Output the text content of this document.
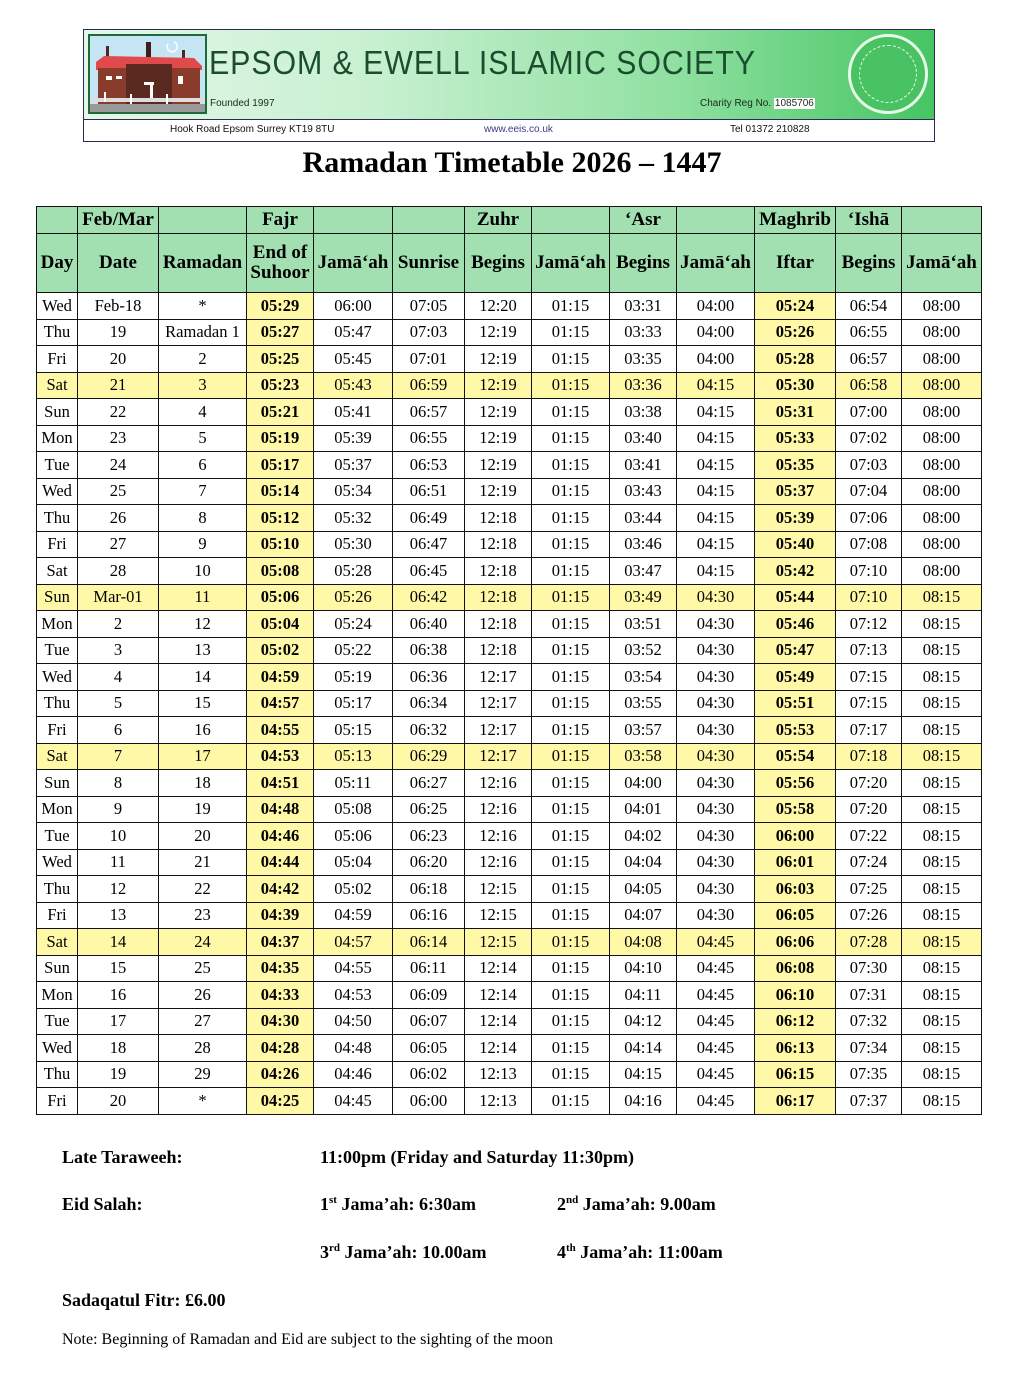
EPSOM & EWELL ISLAMIC SOCIETY
Founded 1997	Charity Reg No. 1085706
Hook Road Epsom Surrey KT19 8TU	www.eeis.co.uk	Tel 01372 210828
Ramadan Timetable 2026 – 1447
	Feb/Mar		Fajr			Zuhr		‘Asr		Maghrib	‘Ishā	
Day	Date	Ramadan	End of
Suhoor	Jamā‘ah	Sunrise	Begins	Jamā‘ah	Begins	Jamā‘ah	Iftar	Begins	Jamā‘ah
Wed	Feb-18	*	05:29	06:00	07:05	12:20	01:15	03:31	04:00	05:24	06:54	08:00
Thu	19	Ramadan 1	05:27	05:47	07:03	12:19	01:15	03:33	04:00	05:26	06:55	08:00
Fri	20	2	05:25	05:45	07:01	12:19	01:15	03:35	04:00	05:28	06:57	08:00
Sat	21	3	05:23	05:43	06:59	12:19	01:15	03:36	04:15	05:30	06:58	08:00
Sun	22	4	05:21	05:41	06:57	12:19	01:15	03:38	04:15	05:31	07:00	08:00
Mon	23	5	05:19	05:39	06:55	12:19	01:15	03:40	04:15	05:33	07:02	08:00
Tue	24	6	05:17	05:37	06:53	12:19	01:15	03:41	04:15	05:35	07:03	08:00
Wed	25	7	05:14	05:34	06:51	12:19	01:15	03:43	04:15	05:37	07:04	08:00
Thu	26	8	05:12	05:32	06:49	12:18	01:15	03:44	04:15	05:39	07:06	08:00
Fri	27	9	05:10	05:30	06:47	12:18	01:15	03:46	04:15	05:40	07:08	08:00
Sat	28	10	05:08	05:28	06:45	12:18	01:15	03:47	04:15	05:42	07:10	08:00
Sun	Mar-01	11	05:06	05:26	06:42	12:18	01:15	03:49	04:30	05:44	07:10	08:15
Mon	2	12	05:04	05:24	06:40	12:18	01:15	03:51	04:30	05:46	07:12	08:15
Tue	3	13	05:02	05:22	06:38	12:18	01:15	03:52	04:30	05:47	07:13	08:15
Wed	4	14	04:59	05:19	06:36	12:17	01:15	03:54	04:30	05:49	07:15	08:15
Thu	5	15	04:57	05:17	06:34	12:17	01:15	03:55	04:30	05:51	07:15	08:15
Fri	6	16	04:55	05:15	06:32	12:17	01:15	03:57	04:30	05:53	07:17	08:15
Sat	7	17	04:53	05:13	06:29	12:17	01:15	03:58	04:30	05:54	07:18	08:15
Sun	8	18	04:51	05:11	06:27	12:16	01:15	04:00	04:30	05:56	07:20	08:15
Mon	9	19	04:48	05:08	06:25	12:16	01:15	04:01	04:30	05:58	07:20	08:15
Tue	10	20	04:46	05:06	06:23	12:16	01:15	04:02	04:30	06:00	07:22	08:15
Wed	11	21	04:44	05:04	06:20	12:16	01:15	04:04	04:30	06:01	07:24	08:15
Thu	12	22	04:42	05:02	06:18	12:15	01:15	04:05	04:30	06:03	07:25	08:15
Fri	13	23	04:39	04:59	06:16	12:15	01:15	04:07	04:30	06:05	07:26	08:15
Sat	14	24	04:37	04:57	06:14	12:15	01:15	04:08	04:45	06:06	07:28	08:15
Sun	15	25	04:35	04:55	06:11	12:14	01:15	04:10	04:45	06:08	07:30	08:15
Mon	16	26	04:33	04:53	06:09	12:14	01:15	04:11	04:45	06:10	07:31	08:15
Tue	17	27	04:30	04:50	06:07	12:14	01:15	04:12	04:45	06:12	07:32	08:15
Wed	18	28	04:28	04:48	06:05	12:14	01:15	04:14	04:45	06:13	07:34	08:15
Thu	19	29	04:26	04:46	06:02	12:13	01:15	04:15	04:45	06:15	07:35	08:15
Fri	20	*	04:25	04:45	06:00	12:13	01:15	04:16	04:45	06:17	07:37	08:15
Late Taraweeh:	11:00pm (Friday and Saturday 11:30pm)
Eid Salah:	1st Jama’ah: 6:30am	2nd Jama’ah: 9.00am
3rd Jama’ah: 10.00am	4th Jama’ah: 11:00am
Sadaqatul Fitr: £6.00
Note: Beginning of Ramadan and Eid are subject to the sighting of the moon
